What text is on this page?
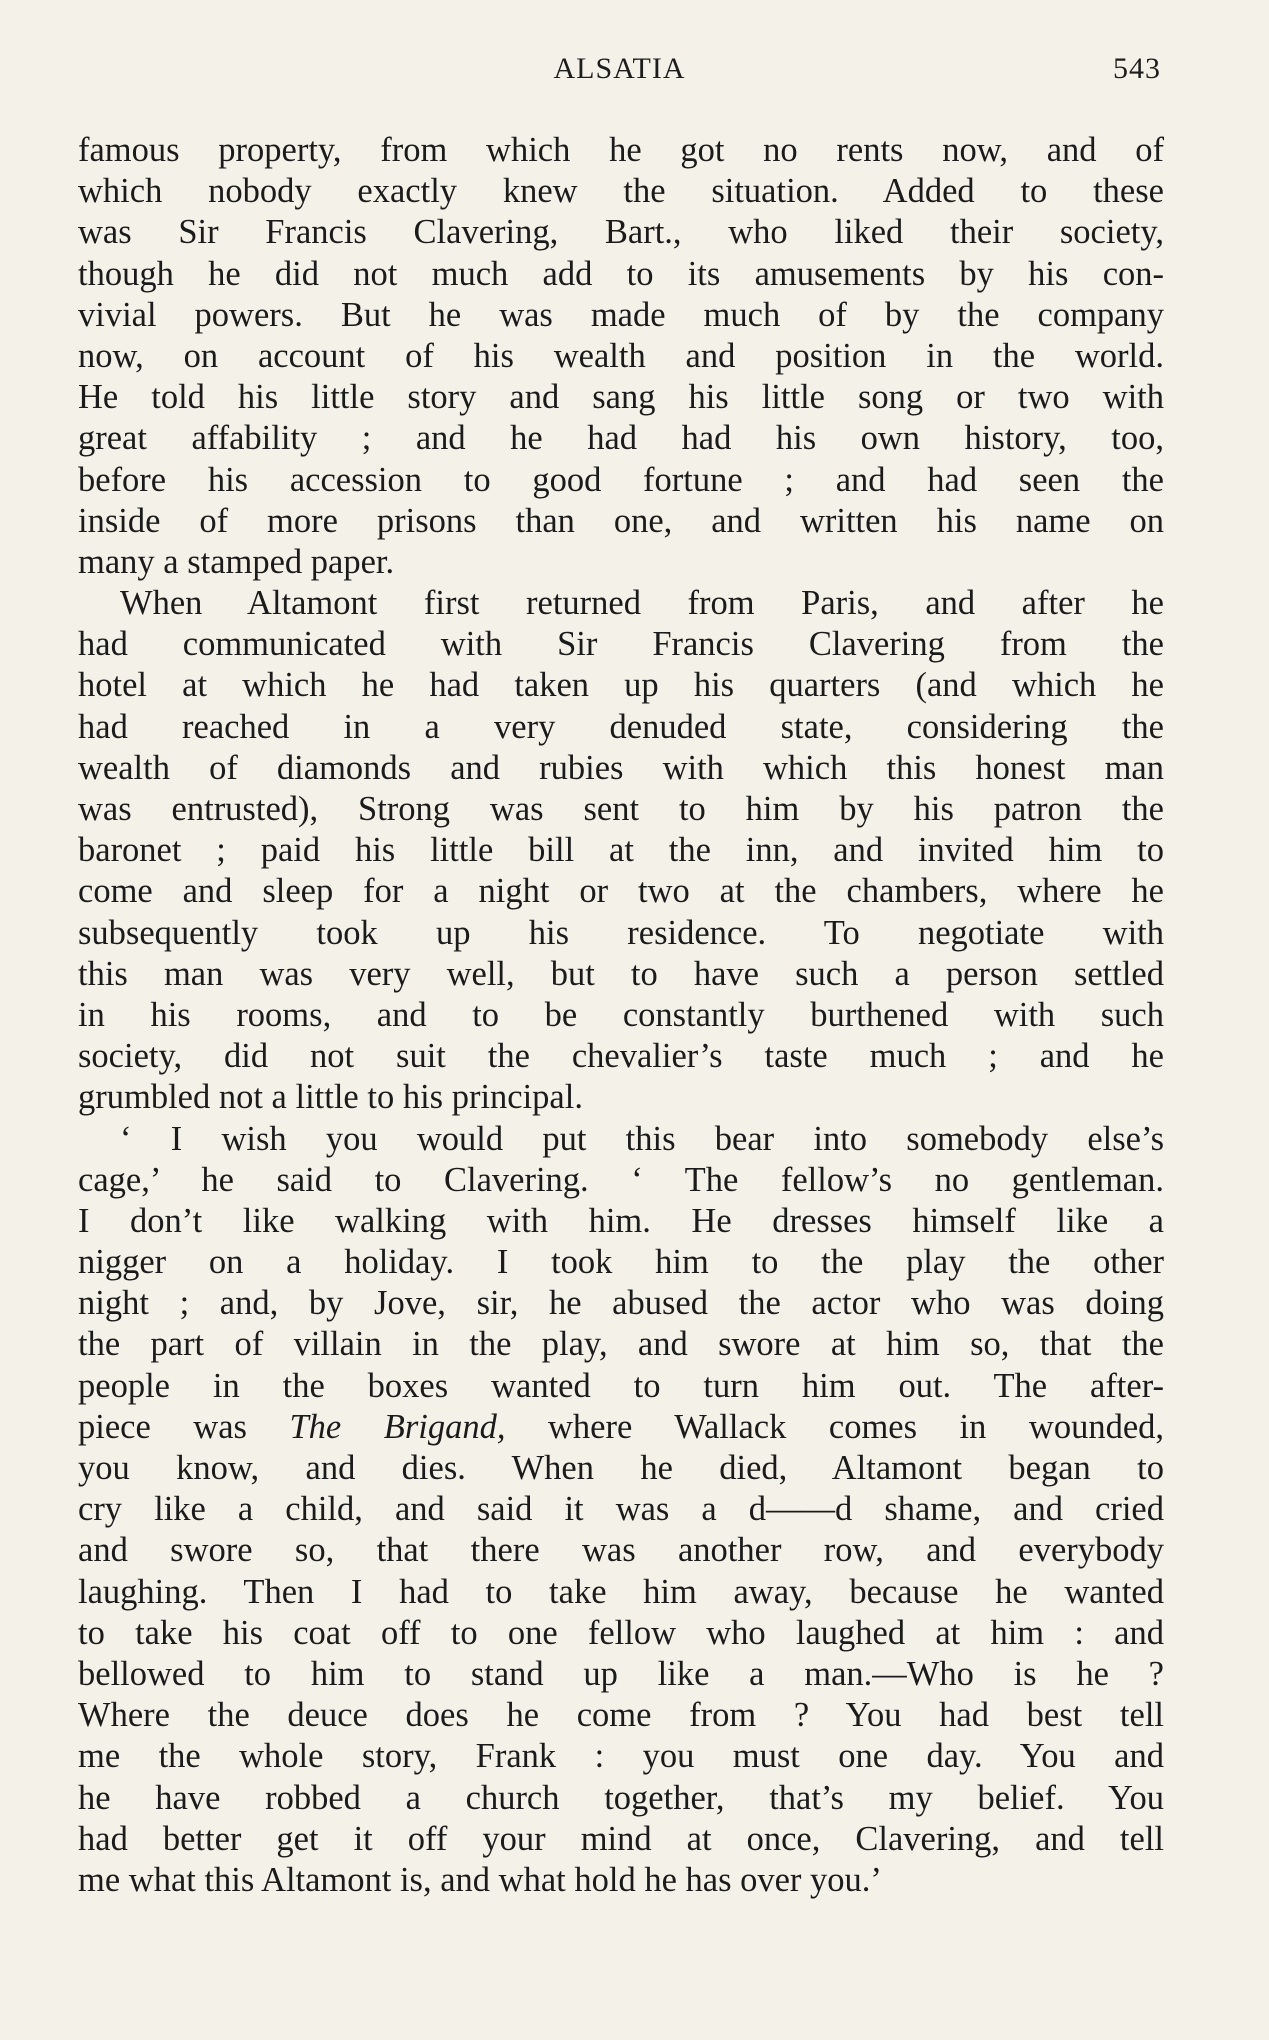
ALSATIA	543
famous property, from which he got no rents now, and of
which nobody exactly knew the situation. Added to these
was Sir Francis Clavering, Bart., who liked their society,
though he did not much add to its amusements by his con-
vivial powers. But he was made much of by the company
now, on account of his wealth and position in the world.
He told his little story and sang his little song or two with
great affability ; and he had had his own history, too,
before his accession to good fortune ; and had seen the
inside of more prisons than one, and written his name on
many a stamped paper.
When Altamont first returned from Paris, and after he
had communicated with Sir Francis Clavering from the
hotel at which he had taken up his quarters (and which he
had reached in a very denuded state, considering the
wealth of diamonds and rubies with which this honest man
was entrusted), Strong was sent to him by his patron the
baronet ; paid his little bill at the inn, and invited him to
come and sleep for a night or two at the chambers, where he
subsequently took up his residence. To negotiate with
this man was very well, but to have such a person settled
in his rooms, and to be constantly burthened with such
society, did not suit the chevalier’s taste much ; and he
grumbled not a little to his principal.
‘ I wish you would put this bear into somebody else’s
cage,’ he said to Clavering. ‘ The fellow’s no gentleman.
I don’t like walking with him. He dresses himself like a
nigger on a holiday. I took him to the play the other
night ; and, by Jove, sir, he abused the actor who was doing
the part of villain in the play, and swore at him so, that the
people in the boxes wanted to turn him out. The after-
piece was The Brigand, where Wallack comes in wounded,
you know, and dies. When he died, Altamont began to
cry like a child, and said it was a d——d shame, and cried
and swore so, that there was another row, and everybody
laughing. Then I had to take him away, because he wanted
to take his coat off to one fellow who laughed at him : and
bellowed to him to stand up like a man.—Who is he ?
Where the deuce does he come from ? You had best tell
me the whole story, Frank : you must one day. You and
he have robbed a church together, that’s my belief. You
had better get it off your mind at once, Clavering, and tell
me what this Altamont is, and what hold he has over you.’
